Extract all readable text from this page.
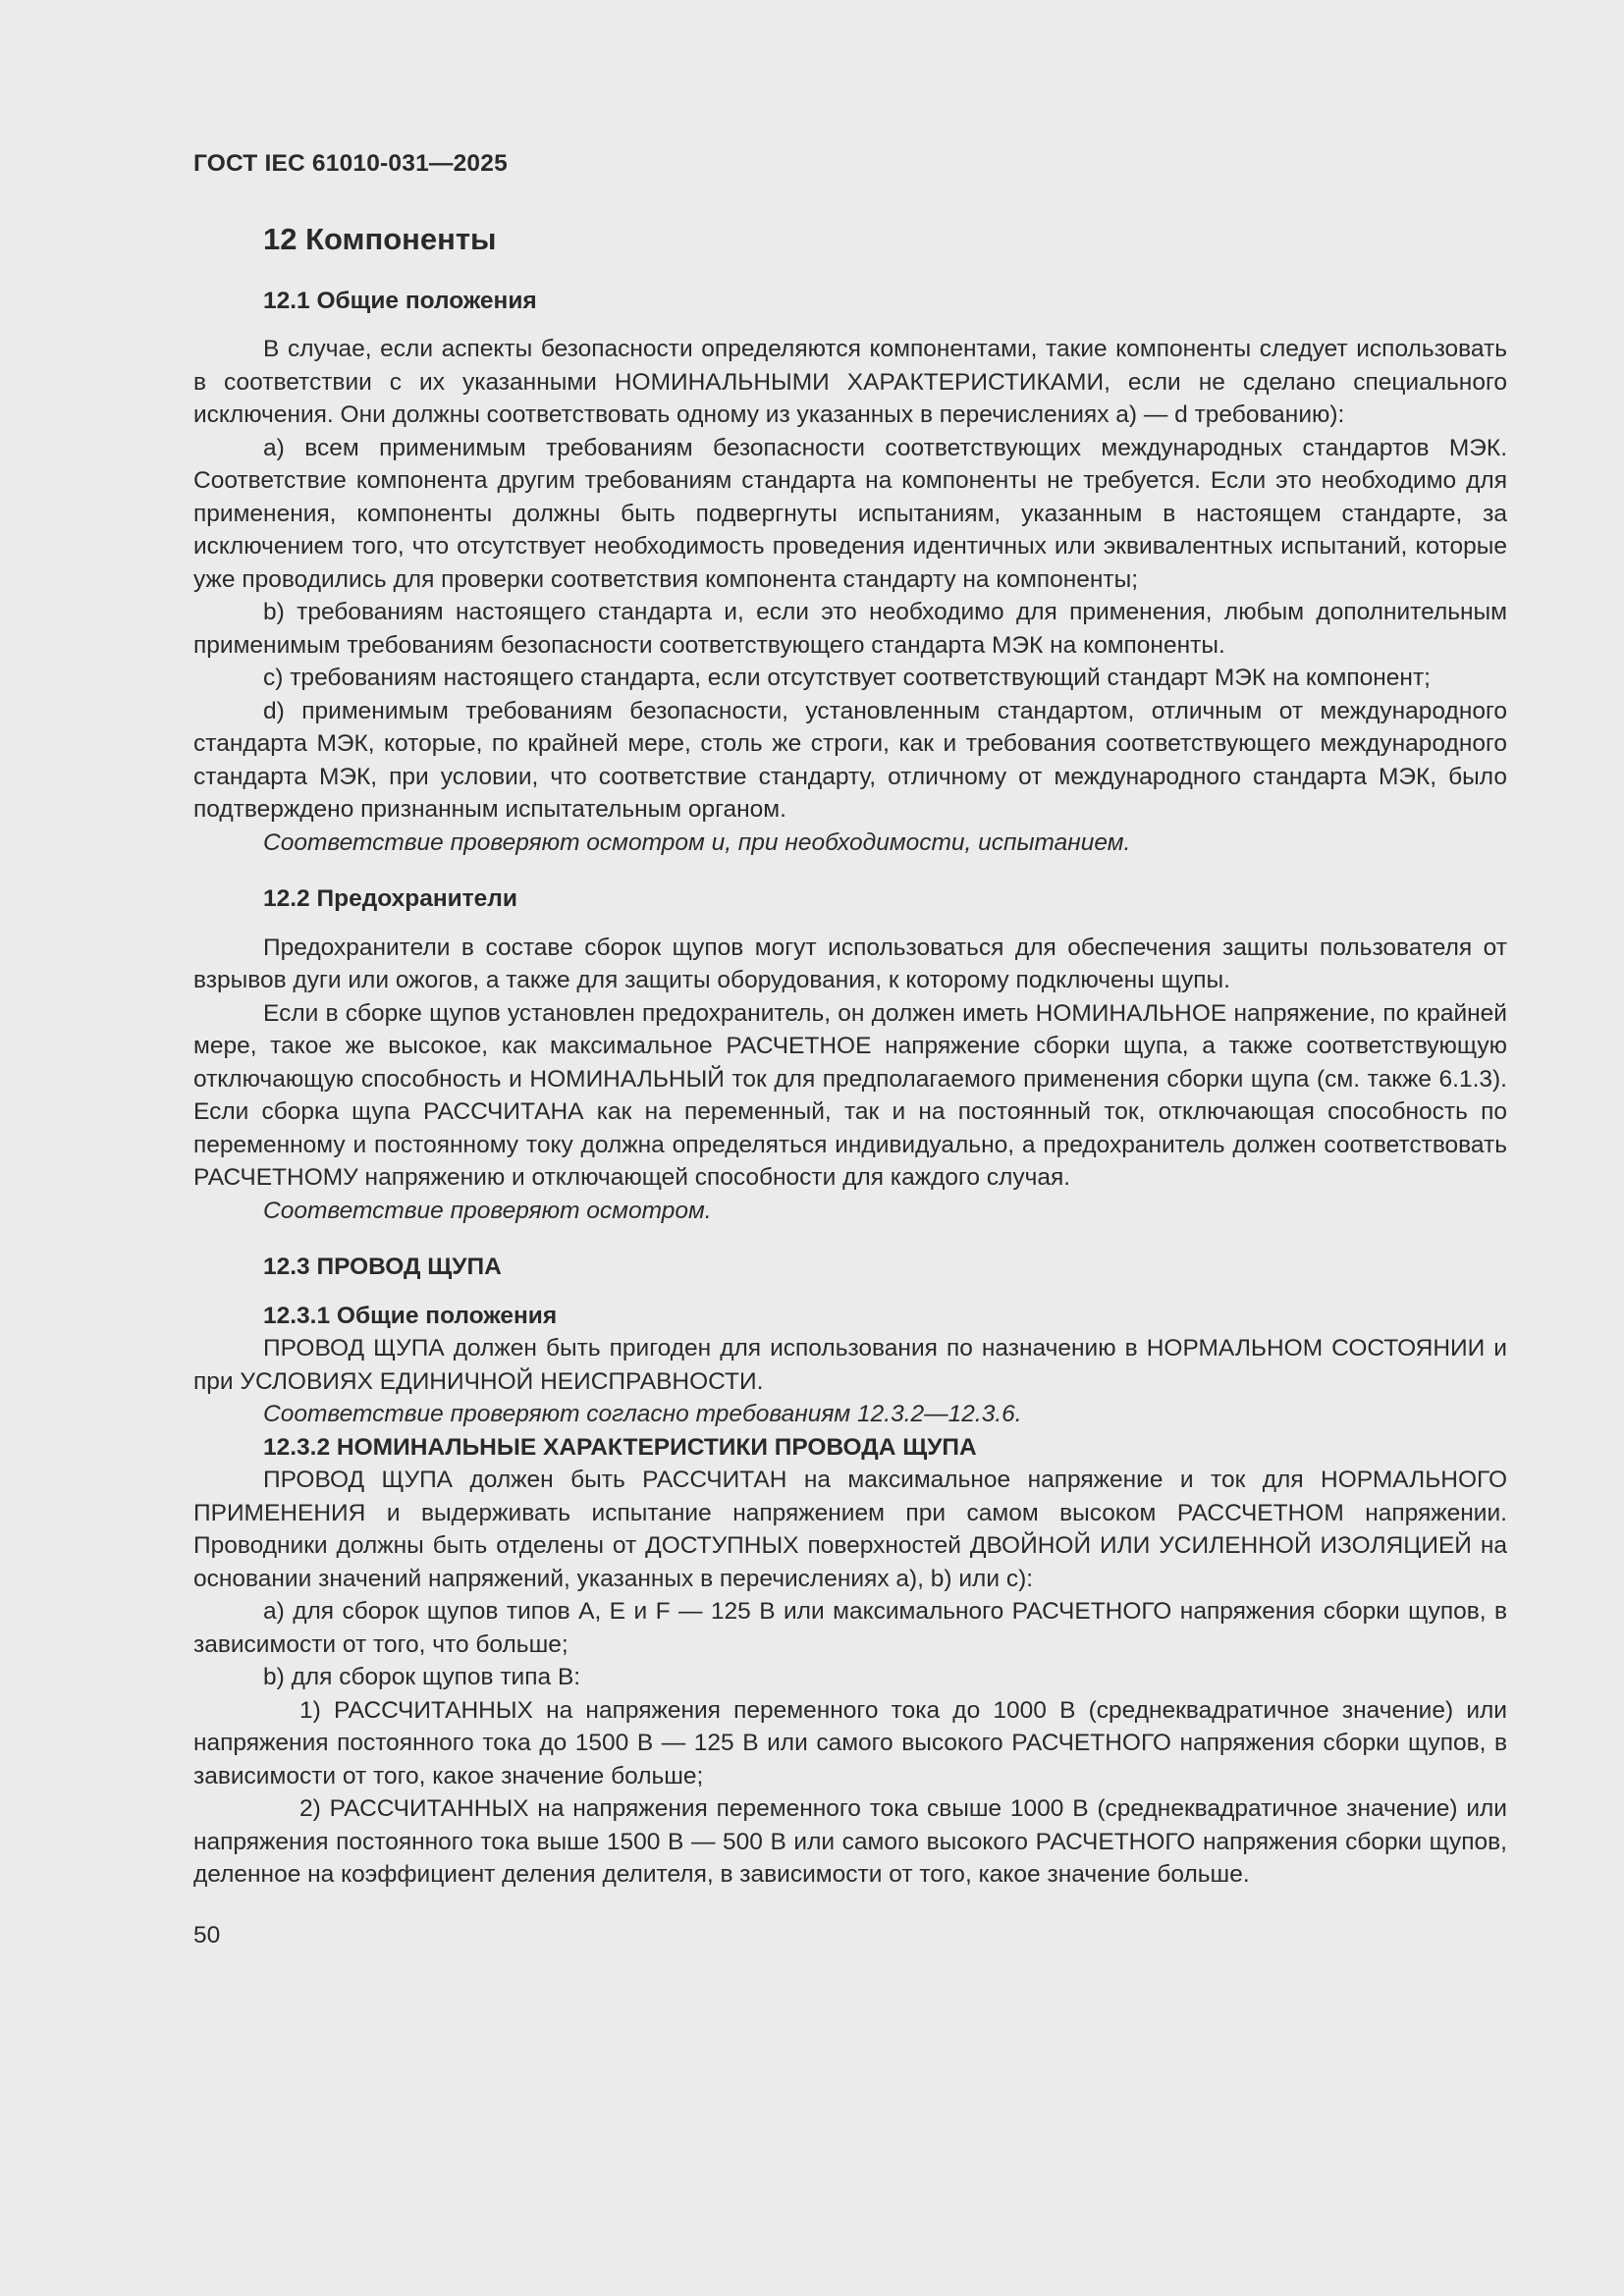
ГОСТ IEC 61010-031—2025
12 Компоненты
12.1 Общие положения

В случае, если аспекты безопасности определяются компонентами, такие компоненты следует использовать в соответствии с их указанными НОМИНАЛЬНЫМИ ХАРАКТЕРИСТИКАМИ, если не сделано специального исключения. Они должны соответствовать одному из указанных в перечислениях a) — d требованию):

a) всем применимым требованиям безопасности соответствующих международных стандартов МЭК. Соответствие компонента другим требованиям стандарта на компоненты не требуется. Если это необходимо для применения, компоненты должны быть подвергнуты испытаниям, указанным в настоящем стандарте, за исключением того, что отсутствует необходимость проведения идентичных или эквивалентных испытаний, которые уже проводились для проверки соответствия компонента стандарту на компоненты;

b) требованиям настоящего стандарта и, если это необходимо для применения, любым дополнительным применимым требованиям безопасности соответствующего стандарта МЭК на компоненты.

c) требованиям настоящего стандарта, если отсутствует соответствующий стандарт МЭК на компонент;

d) применимым требованиям безопасности, установленным стандартом, отличным от международного стандарта МЭК, которые, по крайней мере, столь же строги, как и требования соответствующего международного стандарта МЭК, при условии, что соответствие стандарту, отличному от международного стандарта МЭК, было подтверждено признанным испытательным органом.

Соответствие проверяют осмотром и, при необходимости, испытанием.

12.2 Предохранители

Предохранители в составе сборок щупов могут использоваться для обеспечения защиты пользователя от взрывов дуги или ожогов, а также для защиты оборудования, к которому подключены щупы.

Если в сборке щупов установлен предохранитель, он должен иметь НОМИНАЛЬНОЕ напряжение, по крайней мере, такое же высокое, как максимальное РАСЧЕТНОЕ напряжение сборки щупа, а также соответствующую отключающую способность и НОМИНАЛЬНЫЙ ток для предполагаемого применения сборки щупа (см. также 6.1.3). Если сборка щупа РАССЧИТАНА как на переменный, так и на постоянный ток, отключающая способность по переменному и постоянному току должна определяться индивидуально, а предохранитель должен соответствовать РАСЧЕТНОМУ напряжению и отключающей способности для каждого случая.

Соответствие проверяют осмотром.

12.3 ПРОВОД ЩУПА
12.3.1 Общие положения

ПРОВОД ЩУПА должен быть пригоден для использования по назначению в НОРМАЛЬНОМ СОСТОЯНИИ и при УСЛОВИЯХ ЕДИНИЧНОЙ НЕИСПРАВНОСТИ.

Соответствие проверяют согласно требованиям 12.3.2—12.3.6.

12.3.2 НОМИНАЛЬНЫЕ ХАРАКТЕРИСТИКИ ПРОВОДА ЩУПА

ПРОВОД ЩУПА должен быть РАССЧИТАН на максимальное напряжение и ток для НОРМАЛЬНОГО ПРИМЕНЕНИЯ и выдерживать испытание напряжением при самом высоком РАССЧЕТНОМ напряжении. Проводники должны быть отделены от ДОСТУПНЫХ поверхностей ДВОЙНОЙ ИЛИ УСИЛЕННОЙ ИЗОЛЯЦИЕЙ на основании значений напряжений, указанных в перечислениях a), b) или c):

a) для сборок щупов типов A, E и F — 125 В или максимального РАСЧЕТНОГО напряжения сборки щупов, в зависимости от того, что больше;

b) для сборок щупов типа B:

1) РАССЧИТАННЫХ на напряжения переменного тока до 1000 В (среднеквадратичное значение) или напряжения постоянного тока до 1500 В — 125 В или самого высокого РАСЧЕТНОГО напряжения сборки щупов, в зависимости от того, какое значение больше;

2) РАССЧИТАННЫХ на напряжения переменного тока свыше 1000 В (среднеквадратичное значение) или напряжения постоянного тока выше 1500 В — 500 В или самого высокого РАСЧЕТНОГО напряжения сборки щупов, деленное на коэффициент деления делителя, в зависимости от того, какое значение больше.

50
